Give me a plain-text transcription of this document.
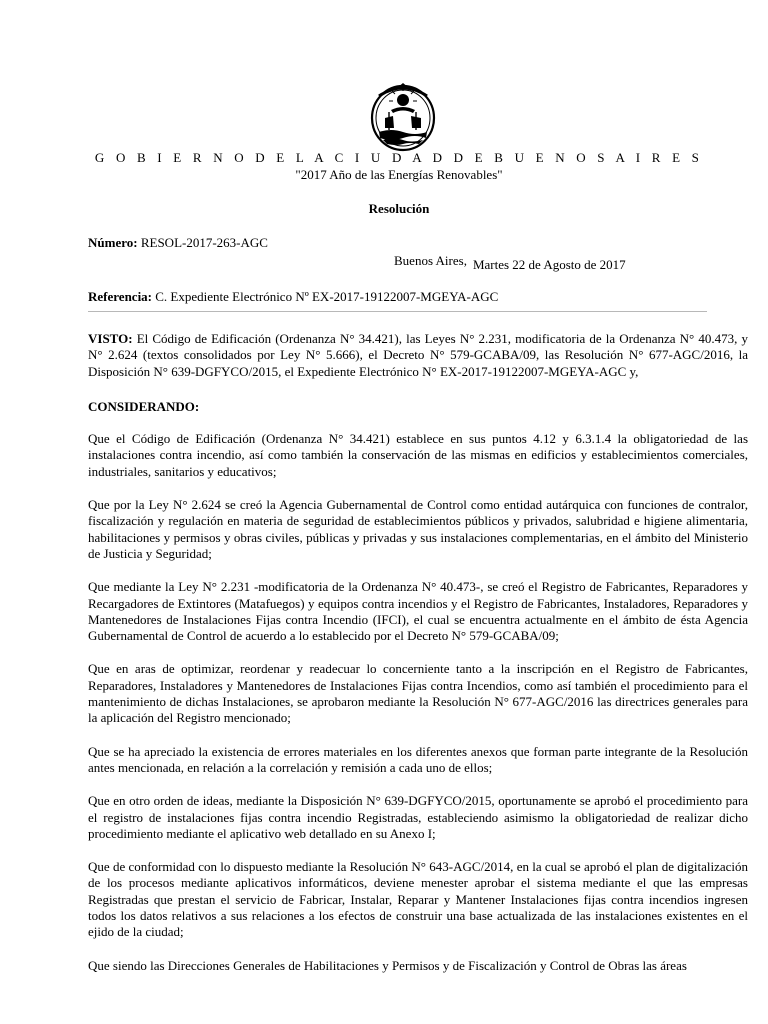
G O B I E R N O D E L A C I U D A D D E B U E N O S A I R E S
"2017 Año de las Energías Renovables"
Resolución
Número: RESOL-2017-263-AGC
Buenos Aires, Martes 22 de Agosto de 2017
Referencia: C. Expediente Electrónico Nº EX-2017-19122007-MGEYA-AGC

VISTO: El Código de Edificación (Ordenanza N° 34.421), las Leyes N° 2.231, modificatoria de la Ordenanza N° 40.473, y N° 2.624 (textos consolidados por Ley N° 5.666), el Decreto N° 579-GCABA/09, las Resolución N° 677-AGC/2016, la Disposición N° 639-DGFYCO/2015, el Expediente Electrónico N° EX-2017-19122007-MGEYA-AGC y,

CONSIDERANDO:

Que el Código de Edificación (Ordenanza N° 34.421) establece en sus puntos 4.12 y 6.3.1.4 la obligatoriedad de las instalaciones contra incendio, así como también la conservación de las mismas en edificios y establecimientos comerciales, industriales, sanitarios y educativos;

Que por la Ley N° 2.624 se creó la Agencia Gubernamental de Control como entidad autárquica con funciones de contralor, fiscalización y regulación en materia de seguridad de establecimientos públicos y privados, salubridad e higiene alimentaria, habilitaciones y permisos y obras civiles, públicas y privadas y sus instalaciones complementarias, en el ámbito del Ministerio de Justicia y Seguridad;

Que mediante la Ley N° 2.231 -modificatoria de la Ordenanza N° 40.473-, se creó el Registro de Fabricantes, Reparadores y Recargadores de Extintores (Matafuegos) y equipos contra incendios y el Registro de Fabricantes, Instaladores, Reparadores y Mantenedores de Instalaciones Fijas contra Incendio (IFCI), el cual se encuentra actualmente en el ámbito de ésta Agencia Gubernamental de Control de acuerdo a lo establecido por el Decreto N° 579-GCABA/09;

Que en aras de optimizar, reordenar y readecuar lo concerniente tanto a la inscripción en el Registro de Fabricantes, Reparadores, Instaladores y Mantenedores de Instalaciones Fijas contra Incendios, como así también el procedimiento para el mantenimiento de dichas Instalaciones, se aprobaron mediante la Resolución N° 677-AGC/2016 las directrices generales para la aplicación del Registro mencionado;

Que se ha apreciado la existencia de errores materiales en los diferentes anexos que forman parte integrante de la Resolución antes mencionada, en relación a la correlación y remisión a cada uno de ellos;

Que en otro orden de ideas, mediante la Disposición N° 639-DGFYCO/2015, oportunamente se aprobó el procedimiento para el registro de instalaciones fijas contra incendio Registradas, estableciendo asimismo la obligatoriedad de realizar dicho procedimiento mediante el aplicativo web detallado en su Anexo I;

Que de conformidad con lo dispuesto mediante la Resolución N° 643-AGC/2014, en la cual se aprobó el plan de digitalización de los procesos mediante aplicativos informáticos, deviene menester aprobar el sistema mediante el que las empresas Registradas que prestan el servicio de Fabricar, Instalar, Reparar y Mantener Instalaciones fijas contra incendios ingresen todos los datos relativos a sus relaciones a los efectos de construir una base actualizada de las instalaciones existentes en el ejido de la ciudad;

Que siendo las Direcciones Generales de Habilitaciones y Permisos y de Fiscalización y Control de Obras las áreas
